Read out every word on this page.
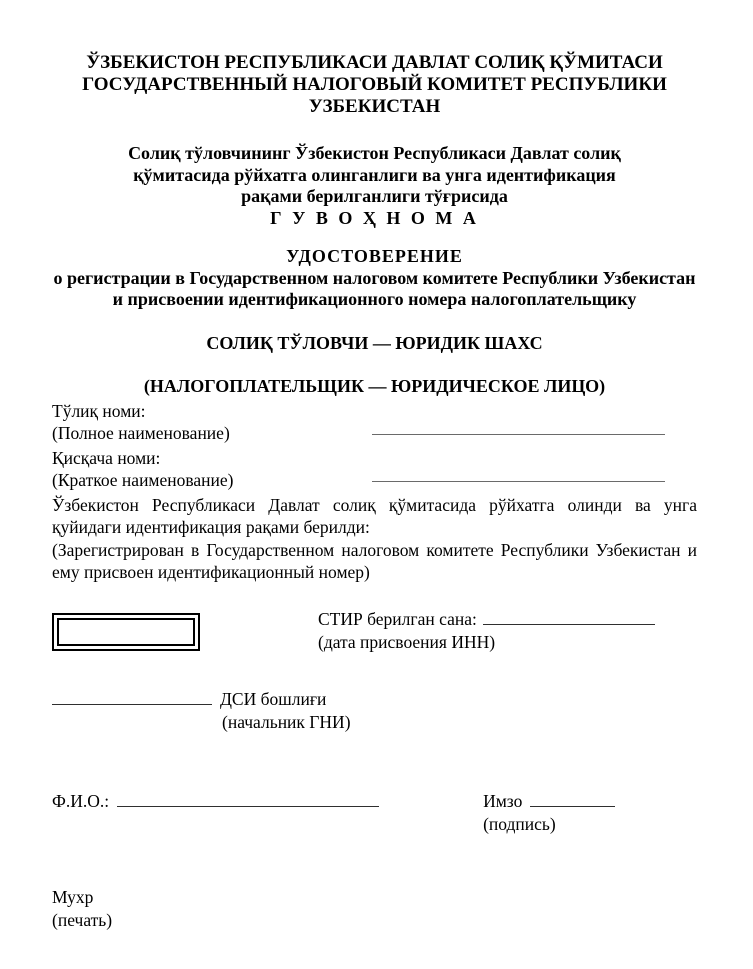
ЎЗБЕКИСТОН РЕСПУБЛИКАСИ ДАВЛАТ СОЛИҚ ҚЎМИТАСИ
ГОСУДАРСТВЕННЫЙ НАЛОГОВЫЙ КОМИТЕТ РЕСПУБЛИКИ
УЗБЕКИСТАН
Солиқ тўловчининг Ўзбекистон Республикаси Давлат солиқ
қўмитасида рўйхатга олинганлиги ва унга идентификация
рақами берилганлиги тўғрисида
Г У В О Ҳ Н О М А
УДОСТОВЕРЕНИЕ
о регистрации в Государственном налоговом комитете Республики Узбекистан
и присвоении идентификационного номера налогоплательщику
СОЛИҚ ТЎЛОВЧИ — ЮРИДИК ШАХС
(НАЛОГОПЛАТЕЛЬЩИК — ЮРИДИЧЕСКОЕ ЛИЦО)
Тўлиқ номи:
(Полное наименование)
Қисқача номи:
(Краткое наименование)
Ўзбекистон Республикаси Давлат солиқ қўмитасида рўйхатга олинди ва унга қуйидаги идентификация рақами берилди:
(Зарегистрирован в Государственном налоговом комитете Республики Узбекистан и ему присвоен идентификационный номер)
СТИР берилган сана:
(дата присвоения ИНН)
ДСИ бошлиғи
(начальник ГНИ)
Ф.И.О.:	Имзо
(подпись)
Мухр
(печать)
